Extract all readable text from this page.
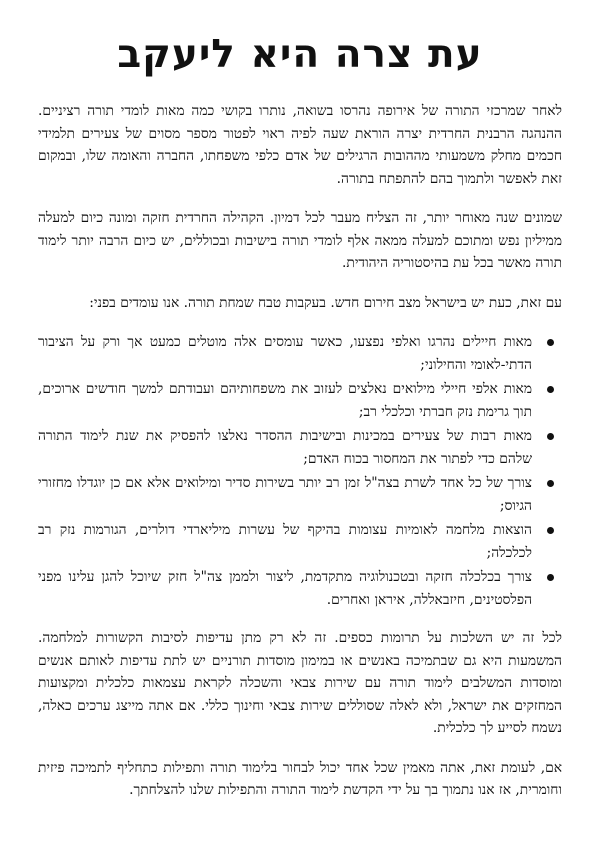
עת צרה היא ליעקב

לאחר שמרכזי התורה של אירופה נהרסו בשואה, נותרו בקושי כמה מאות לומדי תורה רציניים. ההנהגה הרבנית החרדית יצרה הוראת שעה לפיה ראוי לפטור מספר מסוים של צעירים תלמידי חכמים מחלק משמעותי מההובות הרגילים של אדם כלפי משפחתו, החברה והאומה שלו, ובמקום זאת לאפשר ולתמוך בהם להתפתח בתורה.

שמונים שנה מאוחר יותר, זה הצליח מעבר לכל דמיון. הקהילה החרדית חזקה ומונה כיום למעלה ממיליון נפש ומתוכם למעלה ממאה אלף לומדי תורה בישיבות ובכוללים, יש כיום הרבה יותר לימוד תורה מאשר בכל עת בהיסטוריה היהודית.

עם זאת, כעת יש בישראל מצב חירום חדש. בעקבות טבח שמחת תורה. אנו עומדים בפני:

מאות חיילים נהרגו ואלפי נפצעו, כאשר עומסים אלה מוטלים כמעט אך ורק על הציבור הדתי-לאומי והחילוני;
מאות אלפי חיילי מילואים נאלצים לעזוב את משפחותיהם ועבודתם למשך חודשים ארוכים, תוך גרימת נזק חברתי וכלכלי רב;
מאות רבות של צעירים במכינות ובישיבות ההסדר נאלצו להפסיק את שנת לימוד התורה שלהם כדי לפתור את המחסור בכוח האדם;
צורך של כל אחד לשרת בצה"ל זמן רב יותר בשירות סדיר ומילואים אלא אם כן יוגדלו מחזורי הגיוס;
הוצאות מלחמה לאומיות עצומות בהיקף של עשרות מיליארדי דולרים, הגורמות נזק רב לכלכלה;
צורך בכלכלה חזקה ובטכנולוגיה מתקדמת, ליצור ולממן צה"ל חזק שיוכל להגן עלינו מפני הפלסטינים, חיזבאללה, איראן ואחרים.

לכל זה יש השלכות על תרומות כספים. זה לא רק מתן עדיפות לסיבות הקשורות למלחמה. המשמעות היא גם שבתמיכה באנשים או במימון מוסדות תורניים יש לתת עדיפות לאותם אנשים ומוסדות המשלבים לימוד תורה עם שירות צבאי והשכלה לקראת עצמאות כלכלית ומקצועות המחזקים את ישראל, ולא לאלה שסוללים שירות צבאי וחינוך כללי. אם אתה מייצג ערכים כאלה, נשמח לסייע לך כלכלית.

אם, לעומת זאת, אתה מאמין שכל אחד יכול לבחור בלימוד תורה ותפילות כתחליף לתמיכה פיזית וחומרית, אז אנו נתמוך בך על ידי הקדשת לימוד התורה והתפילות שלנו להצלחתך.
